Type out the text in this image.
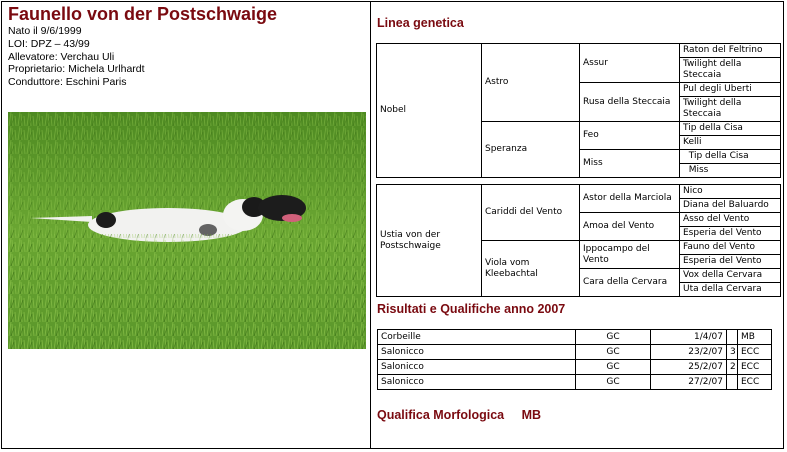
Faunello von der Postschwaige
Nato il 9/6/1999
LOI: DPZ – 43/99
Allevatore: Verchau Uli
Proprietario: Michela Urlhardt
Conduttore: Eschini Paris
Linea genetica
Nobel	Astro	Assur	Raton del Feltrino
			Twilight della Steccaia
		Rusa della Steccaia	Pul degli Uberti
			Twilight della Steccaia
	Speranza	Feo	Tip della Cisa
			Kelli
		Miss	Tip della Cisa
			Miss
Ustia von der Postschwaige	Cariddi del Vento	Astor della Marciola	Nico
			Diana del Baluardo
		Amoa del Vento	Asso del Vento
			Esperia del Vento
	Viola vom Kleebachtal	Ippocampo del Vento	Fauno del Vento
			Esperia del Vento
		Cara della Cervara	Vox della Cervara
			Uta della Cervara
Risultati e Qualifiche anno 2007
Corbeille	GC	1/4/07		MB
Salonicco	GC	23/2/07	3	ECC
Salonicco	GC	25/2/07	2	ECC
Salonicco	GC	27/2/07		ECC
Qualifica Morfologica MB
